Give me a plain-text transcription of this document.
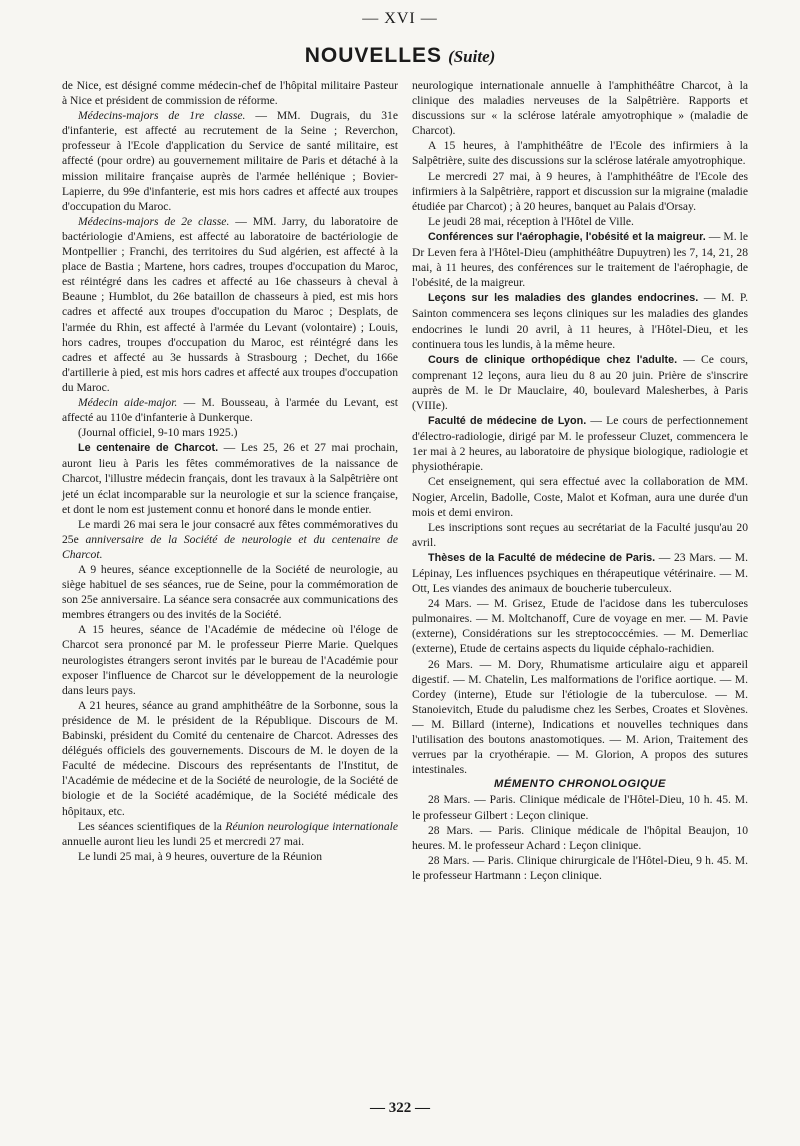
— XVI —
NOUVELLES (Suite)

de Nice, est désigné comme médecin-chef de l'hôpital militaire Pasteur à Nice et président de commission de réforme.

Médecins-majors de 1re classe. — MM. Dugrais, du 31e d'infanterie, est affecté au recrutement de la Seine ; Reverchon, professeur à l'Ecole d'application du Service de santé militaire, est affecté (pour ordre) au gouvernement militaire de Paris et détaché à la mission militaire française auprès de l'armée hellénique ; Bovier-Lapierre, du 99e d'infanterie, est mis hors cadres et affecté aux troupes d'occupation du Maroc.

Médecins-majors de 2e classe. — MM. Jarry, du laboratoire de bactériologie d'Amiens, est affecté au laboratoire de bactériologie de Montpellier ; Franchi, des territoires du Sud algérien, est affecté à la place de Bastia ; Martene, hors cadres, troupes d'occupation du Maroc, est réintégré dans les cadres et affecté au 16e chasseurs à cheval à Beaune ; Humblot, du 26e bataillon de chasseurs à pied, est mis hors cadres et affecté aux troupes d'occupation du Maroc ; Desplats, de l'armée du Rhin, est affecté à l'armée du Levant (volontaire) ; Louis, hors cadres, troupes d'occupation du Maroc, est réintégré dans les cadres et affecté au 3e hussards à Strasbourg ; Dechet, du 166e d'artillerie à pied, est mis hors cadres et affecté aux troupes d'occupation du Maroc.

Médecin aide-major. — M. Bousseau, à l'armée du Levant, est affecté au 110e d'infanterie à Dunkerque.

(Journal officiel, 9-10 mars 1925.)

Le centenaire de Charcot. — Les 25, 26 et 27 mai prochain, auront lieu à Paris les fêtes commémoratives de la naissance de Charcot, l'illustre médecin français, dont les travaux à la Salpêtrière ont jeté un éclat incomparable sur la neurologie et sur la science française, et dont le nom est justement connu et honoré dans le monde entier.

Le mardi 26 mai sera le jour consacré aux fêtes commémoratives du 25e anniversaire de la Société de neurologie et du centenaire de Charcot.

A 9 heures, séance exceptionnelle de la Société de neurologie, au siège habituel de ses séances, rue de Seine, pour la commémoration de son 25e anniversaire. La séance sera consacrée aux communications des membres étrangers ou des invités de la Société.

A 15 heures, séance de l'Académie de médecine où l'éloge de Charcot sera prononcé par M. le professeur Pierre Marie. Quelques neurologistes étrangers seront invités par le bureau de l'Académie pour exposer l'influence de Charcot sur le développement de la neurologie dans leurs pays.

A 21 heures, séance au grand amphithéâtre de la Sorbonne, sous la présidence de M. le président de la République. Discours de M. Babinski, président du Comité du centenaire de Charcot. Adresses des délégués officiels des gouvernements. Discours de M. le doyen de la Faculté de médecine. Discours des représentants de l'Institut, de l'Académie de médecine et de la Société de neurologie, de la Société de biologie et de la Société académique, de la Société médicale des hôpitaux, etc.

Les séances scientifiques de la Réunion neurologique internationale annuelle auront lieu les lundi 25 et mercredi 27 mai.

Le lundi 25 mai, à 9 heures, ouverture de la Réunion

neurologique internationale annuelle à l'amphithéâtre Charcot, à la clinique des maladies nerveuses de la Salpêtrière. Rapports et discussions sur « la sclérose latérale amyotrophique » (maladie de Charcot).

A 15 heures, à l'amphithéâtre de l'Ecole des infirmiers à la Salpêtrière, suite des discussions sur la sclérose latérale amyotrophique.

Le mercredi 27 mai, à 9 heures, à l'amphithéâtre de l'Ecole des infirmiers à la Salpêtrière, rapport et discussion sur la migraine (maladie étudiée par Charcot) ; à 20 heures, banquet au Palais d'Orsay.

Le jeudi 28 mai, réception à l'Hôtel de Ville.

Conférences sur l'aérophagie, l'obésité et la maigreur. — M. le Dr Leven fera à l'Hôtel-Dieu (amphithéâtre Dupuytren) les 7, 14, 21, 28 mai, à 11 heures, des conférences sur le traitement de l'aérophagie, de l'obésité, de la maigreur.

Leçons sur les maladies des glandes endocrines. — M. P. Sainton commencera ses leçons cliniques sur les maladies des glandes endocrines le lundi 20 avril, à 11 heures, à l'Hôtel-Dieu, et les continuera tous les lundis, à la même heure.

Cours de clinique orthopédique chez l'adulte. — Ce cours, comprenant 12 leçons, aura lieu du 8 au 20 juin. Prière de s'inscrire auprès de M. le Dr Mauclaire, 40, boulevard Malesherbes, à Paris (VIIIe).

Faculté de médecine de Lyon. — Le cours de perfectionnement d'électro-radiologie, dirigé par M. le professeur Cluzet, commencera le 1er mai à 2 heures, au laboratoire de physique biologique, radiologie et physiothérapie.

Cet enseignement, qui sera effectué avec la collaboration de MM. Nogier, Arcelin, Badolle, Coste, Malot et Kofman, aura une durée d'un mois et demi environ.

Les inscriptions sont reçues au secrétariat de la Faculté jusqu'au 20 avril.

Thèses de la Faculté de médecine de Paris. — 23 Mars. — M. Lépinay, Les influences psychiques en thérapeutique vétérinaire. — M. Ott, Les viandes des animaux de boucherie tuberculeux.

24 Mars. — M. Grisez, Etude de l'acidose dans les tuberculoses pulmonaires. — M. Moltchanoff, Cure de voyage en mer. — M. Pavie (externe), Considérations sur les streptococcémies. — M. Demerliac (externe), Etude de certains aspects du liquide céphalo-rachidien.

26 Mars. — M. Dory, Rhumatisme articulaire aigu et appareil digestif. — M. Chatelin, Les malformations de l'orifice aortique. — M. Cordey (interne), Etude sur l'étiologie de la tuberculose. — M. Stanoievitch, Etude du paludisme chez les Serbes, Croates et Slovènes. — M. Billard (interne), Indications et nouvelles techniques dans l'utilisation des boutons anastomotiques. — M. Arion, Traitement des verrues par la cryothérapie. — M. Glorion, A propos des sutures intestinales.

MÉMENTO CHRONOLOGIQUE

28 Mars. — Paris. Clinique médicale de l'Hôtel-Dieu, 10 h. 45. M. le professeur Gilbert : Leçon clinique.

28 Mars. — Paris. Clinique médicale de l'hôpital Beaujon, 10 heures. M. le professeur Achard : Leçon clinique.

28 Mars. — Paris. Clinique chirurgicale de l'Hôtel-Dieu, 9 h. 45. M. le professeur Hartmann : Leçon clinique.

— 322 —
